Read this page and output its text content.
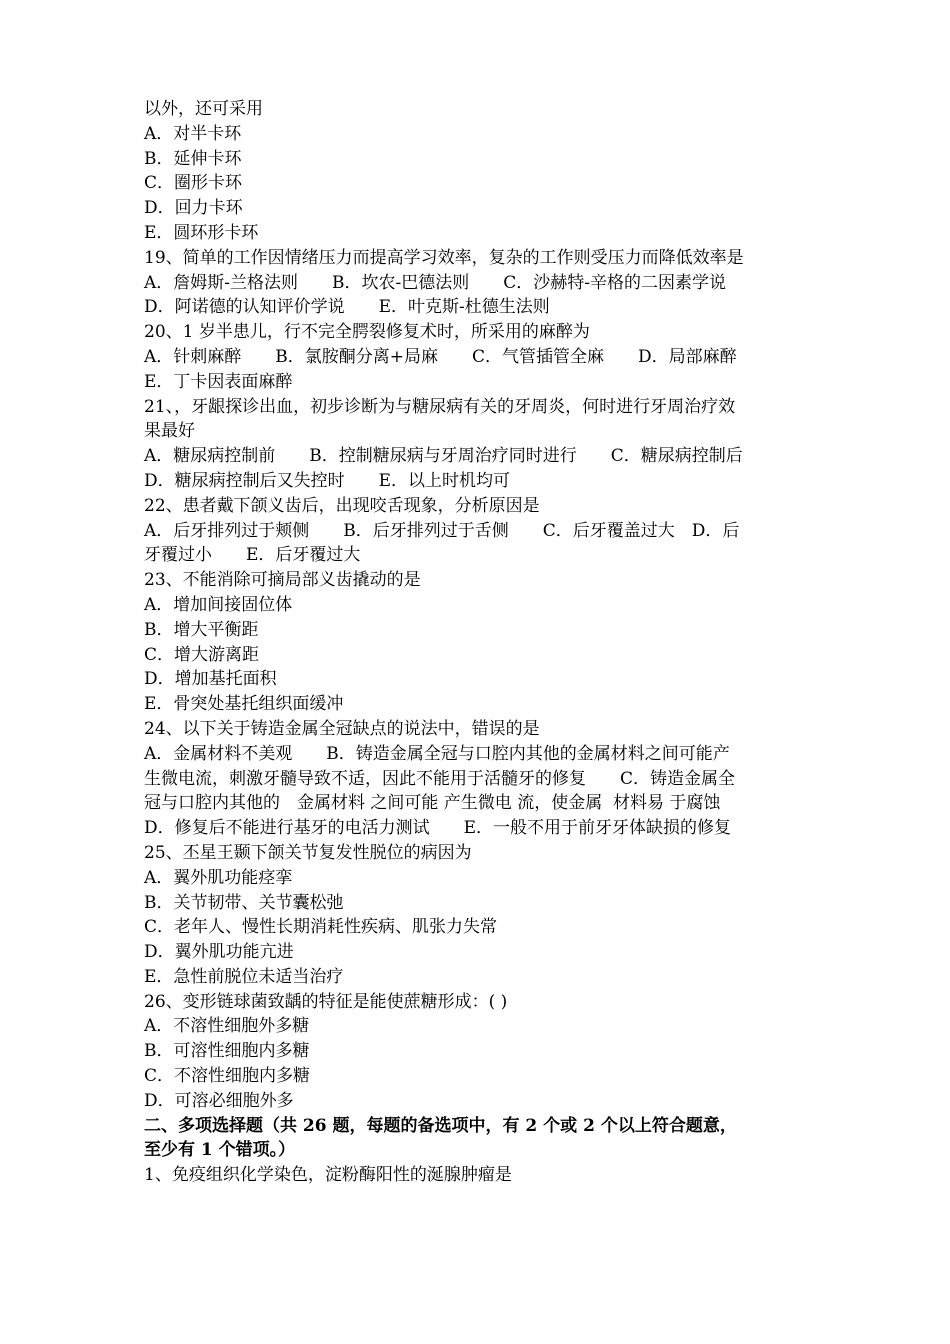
以外，还可采用
A．对半卡环
B．延伸卡环
C．圈形卡环
D．回力卡环
E．圆环形卡环
19、简单的工作因情绪压力而提高学习效率，复杂的工作则受压力而降低效率是
A．詹姆斯-兰格法则　　B．坎农-巴德法则　　C．沙赫特-辛格的二因素学说
D．阿诺德的认知评价学说　　E．叶克斯-杜德生法则
20、1 岁半患儿，行不完全腭裂修复术时，所采用的麻醉为
A．针刺麻醉　　B．氯胺酮分离+局麻　　C．气管插管全麻　　D．局部麻醉
E．丁卡因表面麻醉
21、，牙龈探诊出血，初步诊断为与糖尿病有关的牙周炎，何时进行牙周治疗效
果最好
A．糖尿病控制前　　B．控制糖尿病与牙周治疗同时进行　　C．糖尿病控制后
D．糖尿病控制后又失控时　　E．以上时机均可
22、患者戴下颌义齿后，出现咬舌现象，分析原因是
A．后牙排列过于颊侧　　B．后牙排列过于舌侧　　C．后牙覆盖过大　D．后
牙覆过小　　E．后牙覆过大
23、不能消除可摘局部义齿撬动的是
A．增加间接固位体
B．增大平衡距
C．增大游离距
D．增加基托面积
E．骨突处基托组织面缓冲
24、以下关于铸造金属全冠缺点的说法中，错误的是
A．金属材料不美观　　B．铸造金属全冠与口腔内其他的金属材料之间可能产
生微电流，刺激牙髓导致不适，因此不能用于活髓牙的修复　　C．铸造金属全
冠与口腔内其他的　金属材料 之间可能 产生微电 流，使金属  材料易 于腐蚀
D．修复后不能进行基牙的电活力测试　　E．一般不用于前牙牙体缺损的修复
25、丕星王颞下颌关节复发性脱位的病因为
A．翼外肌功能痉挛
B．关节韧带、关节囊松弛
C．老年人、慢性长期消耗性疾病、肌张力失常
D．翼外肌功能亢进
E．急性前脱位未适当治疗
26、变形链球菌致龋的特征是能使蔗糖形成：( )
A．不溶性细胞外多糖
B．可溶性细胞内多糖
C．不溶性细胞内多糖
D．可溶必细胞外多
二、多项选择题（共 26 题，每题的备选项中，有 2 个或 2 个以上符合题意，
至少有 1 个错项。）
1、免疫组织化学染色，淀粉酶阳性的涎腺肿瘤是
